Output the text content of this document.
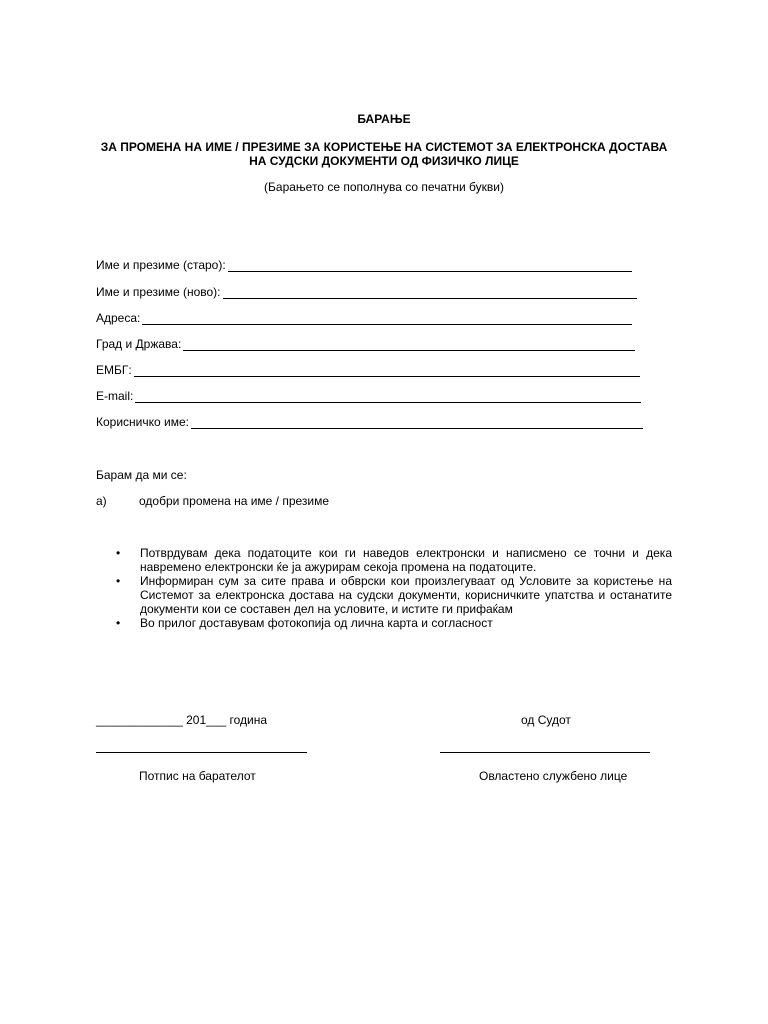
БАРАЊЕ
ЗА ПРОМЕНА НА ИМЕ / ПРЕЗИМЕ ЗА КОРИСТЕЊЕ НА СИСТЕМОТ ЗА ЕЛЕКТРОНСКА ДОСТАВА
НА СУДСКИ ДОКУМЕНТИ ОД ФИЗИЧКО ЛИЦЕ
(Барањето се пополнува со печатни букви)
Име и презиме (старо):
Име и презиме (ново):
Адреса:
Град и Држава:
ЕМБГ:
E-mail:
Корисничко име:
Барам да ми се:
а)	одобри промена на име / презиме
•	Потврдувам дека податоците кои ги наведов електронски и написмено се точни и дека навремено електронски ќе ја ажурирам секоја промена на податоците.
•	Информиран сум за сите права и обврски кои произлегуваат од Условите за користење на Системот за електронска достава на судски документи, корисничките упатства и останатите документи кои се составен дел на условите, и истите ги прифаќам
•	Во прилог доставувам фотокопија од лична карта и согласност
_____________ 201___ година	од Судот
Потпис на барателот	Овластено службено лице
